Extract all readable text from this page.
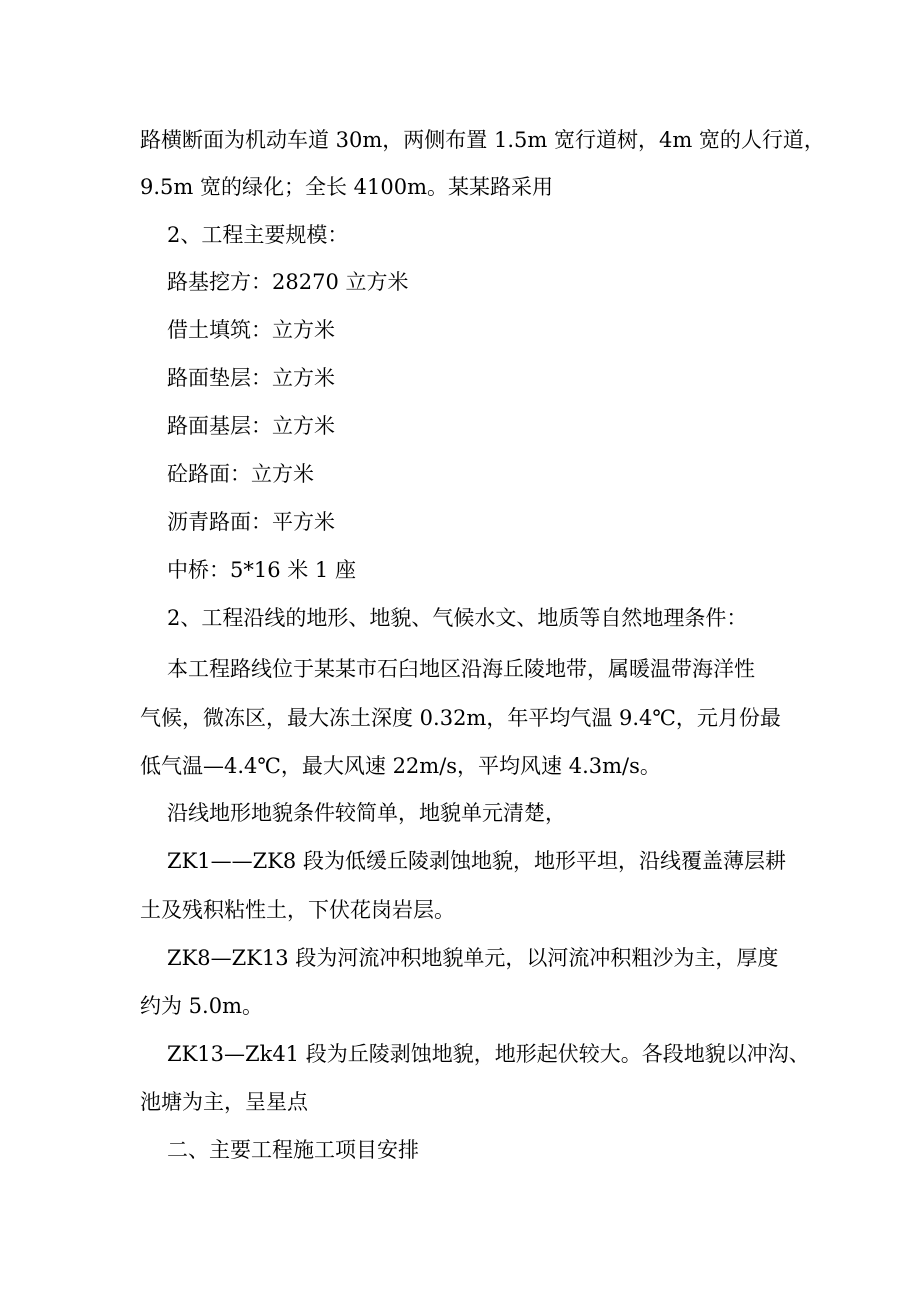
路横断面为机动车道 30m，两侧布置 1.5m 宽行道树，4m 宽的人行道，
9.5m 宽的绿化；全长 4100m。某某路采用
2、工程主要规模：
路基挖方：28270 立方米
借土填筑：立方米
路面垫层：立方米
路面基层：立方米
砼路面：立方米
沥青路面：平方米
中桥：5*16 米 1 座
2、工程沿线的地形、地貌、气候水文、地质等自然地理条件：
本工程路线位于某某市石臼地区沿海丘陵地带，属暖温带海洋性
气候，微冻区，最大冻土深度 0.32m，年平均气温 9.4℃，元月份最
低气温—4.4℃，最大风速 22m/s，平均风速 4.3m/s。
沿线地形地貌条件较简单，地貌单元清楚，
ZK1——ZK8 段为低缓丘陵剥蚀地貌，地形平坦，沿线覆盖薄层耕
土及残积粘性土，下伏花岗岩层。
ZK8—ZK13 段为河流冲积地貌单元，以河流冲积粗沙为主，厚度
约为 5.0m。
ZK13—Zk41 段为丘陵剥蚀地貌，地形起伏较大。各段地貌以冲沟、
池塘为主，呈星点
二、主要工程施工项目安排
